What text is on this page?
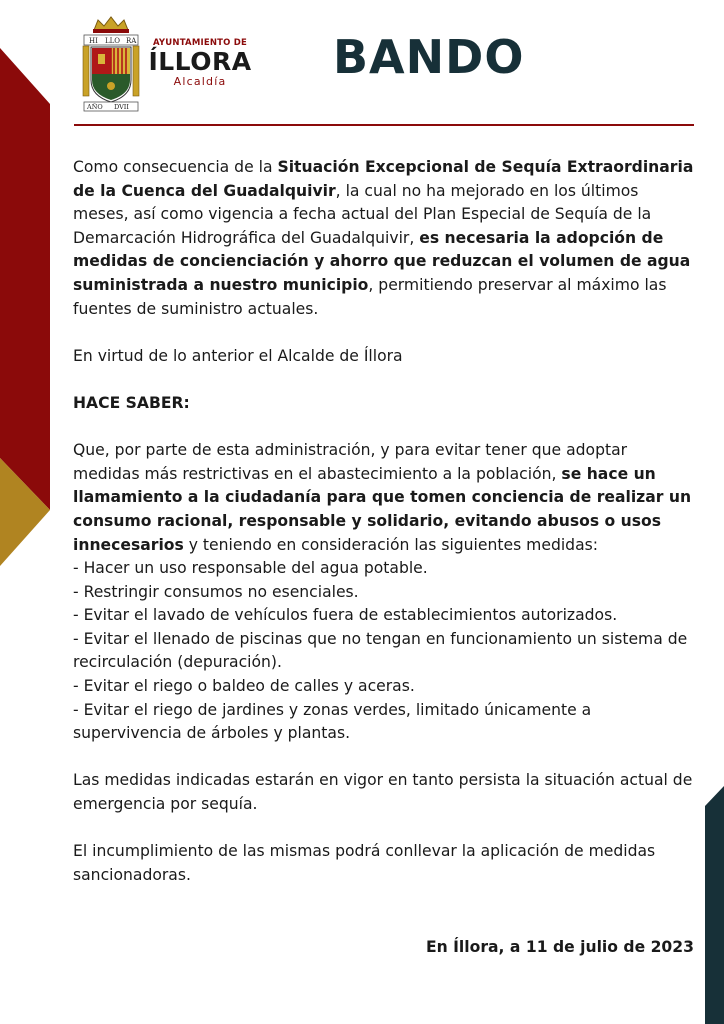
HI LLO RA
AÑO DVII
AYUNTAMIENTO DE
ÍLLORA
Alcaldía	BANDO

Como consecuencia de la Situación Excepcional de Sequía Extraordinaria de la Cuenca del Guadalquivir, la cual no ha mejorado en los últimos meses, así como vigencia a fecha actual del Plan Especial de Sequía de la Demarcación Hidrográfica del Guadalquivir, es necesaria la adopción de medidas de concienciación y ahorro que reduzcan el volumen de agua suministrada a nuestro municipio, permitiendo preservar al máximo las fuentes de suministro actuales.

En virtud de lo anterior el Alcalde de Íllora

HACE SABER:

Que, por parte de esta administración, y para evitar tener que adoptar medidas más restrictivas en el abastecimiento a la población, se hace un llamamiento a la ciudadanía para que tomen conciencia de realizar un consumo racional, responsable y solidario, evitando abusos o usos innecesarios y teniendo en consideración las siguientes medidas:

- Hacer un uso responsable del agua potable.

- Restringir consumos no esenciales.

- Evitar el lavado de vehículos fuera de establecimientos autorizados.

- Evitar el llenado de piscinas que no tengan en funcionamiento un sistema de recirculación (depuración).

- Evitar el riego o baldeo de calles y aceras.

- Evitar el riego de jardines y zonas verdes, limitado únicamente a supervivencia de árboles y plantas.

Las medidas indicadas estarán en vigor en tanto persista la situación actual de emergencia por sequía.

El incumplimiento de las mismas podrá conllevar la aplicación de medidas sancionadoras.

En Íllora, a 11 de julio de 2023
